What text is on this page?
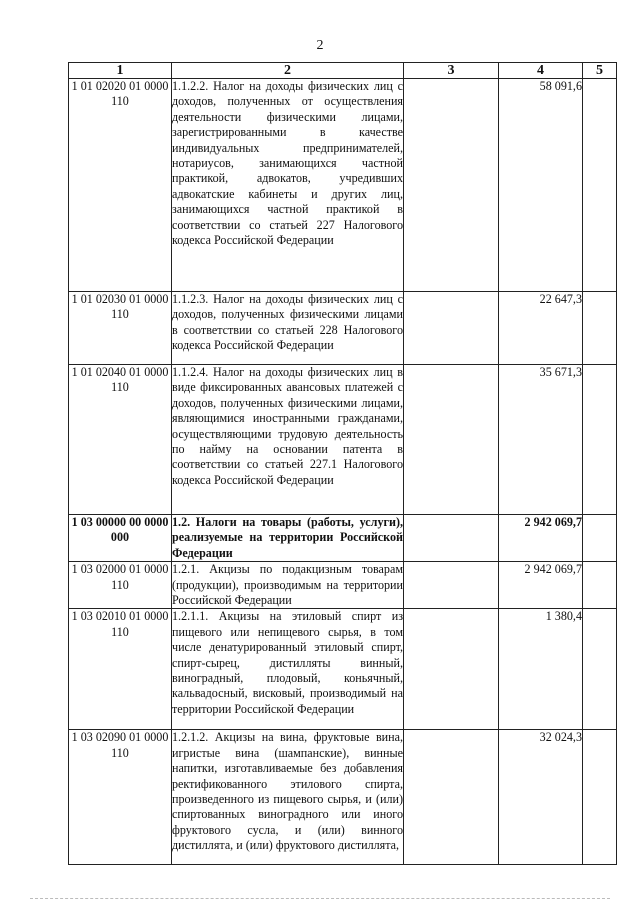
2
1	2	3	4	5
1 01 02020 01 0000 110	1.1.2.2. Налог на доходы физических лиц с доходов, полученных от осуществления деятельности физическими лицами, зарегистрированными в качестве индивидуальных предпринимателей, нотариусов, занимающихся частной практикой, адвокатов, учредивших адвокатские кабинеты и других лиц, занимающихся частной практикой в соответствии со статьей 227 Налогового кодекса Российской Федерации		58 091,6	
1 01 02030 01 0000 110	1.1.2.3. Налог на доходы физических лиц с доходов, полученных физическими лицами в соответствии со статьей 228 Налогового кодекса Российской Федерации		22 647,3	
1 01 02040 01 0000 110	1.1.2.4. Налог на доходы физических лиц в виде фиксированных авансовых платежей с доходов, полученных физическими лицами, являющимися иностранными гражданами, осуществляющими трудовую деятельность по найму на основании патента в соответствии со статьей 227.1 Налогового кодекса Российской Федерации		35 671,3	
1 03 00000 00 0000 000	1.2. Налоги на товары (работы, услуги), реализуемые на территории Российской Федерации		2 942 069,7	
1 03 02000 01 0000 110	1.2.1. Акцизы по подакцизным товарам (продукции), производимым на территории Российской Федерации		2 942 069,7	
1 03 02010 01 0000 110	1.2.1.1. Акцизы на этиловый спирт из пищевого или непищевого сырья, в том числе денатурированный этиловый спирт, спирт-сырец, дистилляты винный, виноградный, плодовый, коньячный, кальвадосный, висковый, производимый на территории Российской Федерации		1 380,4	
1 03 02090 01 0000 110	1.2.1.2. Акцизы на вина, фруктовые вина, игристые вина (шампанские), винные напитки, изготавливаемые без добавления ректификованного этилового спирта, произведенного из пищевого сырья, и (или) спиртованных виноградного или иного фруктового сусла, и (или) винного дистиллята, и (или) фруктового дистиллята,		32 024,3	
